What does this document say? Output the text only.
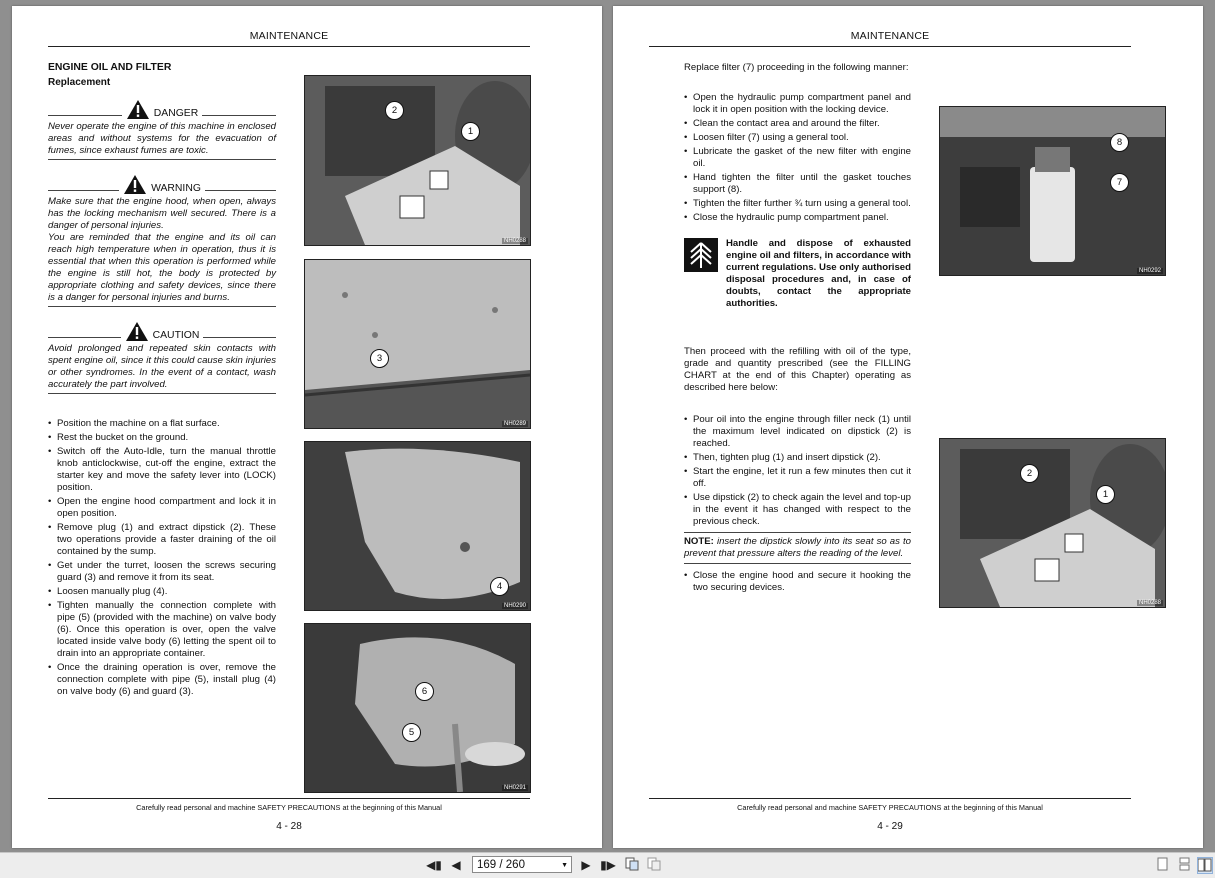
MAINTENANCE

ENGINE OIL AND FILTER

Replacement

DANGER

Never operate the engine of this machine in enclosed areas and without systems for the evacuation of fumes, since exhaust fumes are toxic.

WARNING

Make sure that the engine hood, when open, always has the locking mechanism well secured. There is a danger of personal injuries.

You are reminded that the engine and its oil can reach high temperature when in operation, thus it is essential that when this operation is performed while the engine is still hot, the body is protected by appropriate clothing and safety devices, since there is a danger for personal injuries and burns.

CAUTION

Avoid prolonged and repeated skin contacts with spent engine oil, since it this could cause skin injuries or other syndromes. In the event of a contact, wash accurately the part involved.

• Position the machine on a flat surface.
• Rest the bucket on the ground.
• Switch off the Auto-Idle, turn the manual throttle knob anticlockwise, cut-off the engine, extract the starter key and move the safety lever into (LOCK) position.
• Open the engine hood compartment and lock it in open position.
• Remove plug (1) and extract dipstick (2). These two operations provide a faster draining of the oil contained by the sump.
• Get under the turret, loosen the screws securing guard (3) and remove it from its seat.
• Loosen manually plug (4).
• Tighten manually the connection complete with pipe (5) (provided with the machine) on valve body (6). Once this operation is over, open the valve located inside valve body (6) letting the spent oil to drain into an appropriate container.
• Once the draining operation is over, remove the connection complete with pipe (5), install plug (4) on valve body (6) and guard (3).
2
1
NH0288
3
NH0289
4
NH0290
6
5
NH0291
Carefully read personal and machine SAFETY PRECAUTIONS at the beginning of this Manual
4 - 28
MAINTENANCE

Replace filter (7) proceeding in the following manner:

• Open the hydraulic pump compartment panel and lock it in open position with the locking device.
• Clean the contact area and around the filter.
• Loosen filter (7) using a general tool.
• Lubricate the gasket of the new filter with engine oil.
• Hand tighten the filter until the gasket touches support (8).
• Tighten the filter further ¾ turn using a general tool.
• Close the hydraulic pump compartment panel.
Handle and dispose of exhausted engine oil and filters, in accordance with current regulations. Use only authorised disposal procedures and, in case of doubts, contact the appropriate authorities.

Then proceed with the refilling with oil of the type, grade and quantity prescribed (see the FILLING CHART at the end of this Chapter) operating as described here below:

• Pour oil into the engine through filler neck (1) until the maximum level indicated on dipstick (2) is reached.
• Then, tighten plug (1) and insert dipstick (2).
• Start the engine, let it run a few minutes then cut it off.
• Use dipstick (2) to check again the level and top-up in the event it has changed with respect to the previous check.
NOTE: insert the dipstick slowly into its seat so as to prevent that pressure alters the reading of the level.
• Close the engine hood and secure it hooking the two securing devices.
8
7
NH0292
2
1
NH0288
Carefully read personal and machine SAFETY PRECAUTIONS at the beginning of this Manual
4 - 29
◀▮ ◀	169 / 260	▼ ▶ ▮▶
